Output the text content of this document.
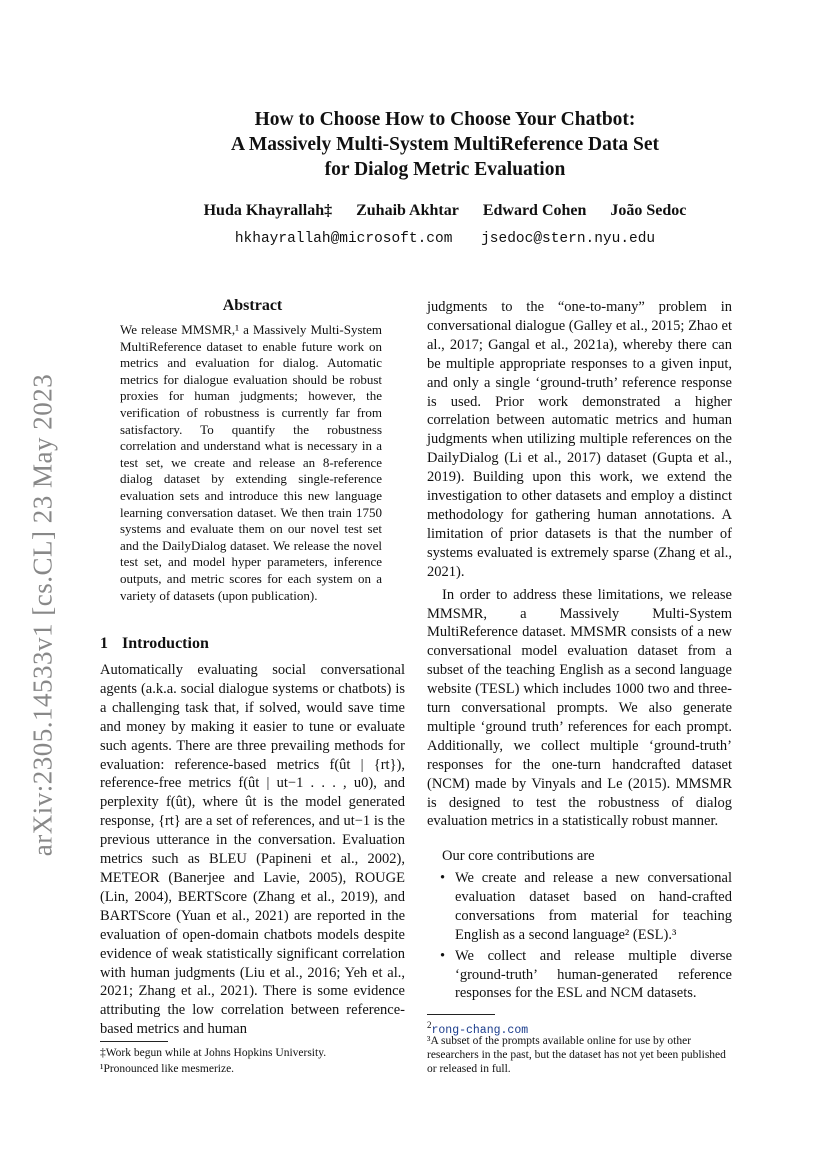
arXiv:2305.14533v1 [cs.CL] 23 May 2023
How to Choose How to Choose Your Chatbot:
A Massively Multi-System MultiReference Data Set
for Dialog Metric Evaluation
Huda Khayrallah‡ Zuhaib Akhtar Edward Cohen João Sedoc
hkhayrallah@microsoft.com jsedoc@stern.nyu.edu
Abstract
We release MMSMR,¹ a Massively Multi-System MultiReference dataset to enable future work on metrics and evaluation for dialog. Automatic metrics for dialogue evaluation should be robust proxies for human judgments; however, the verification of robustness is currently far from satisfactory. To quantify the robustness correlation and understand what is necessary in a test set, we create and release an 8-reference dialog dataset by extending single-reference evaluation sets and introduce this new language learning conversation dataset. We then train 1750 systems and evaluate them on our novel test set and the DailyDialog dataset. We release the novel test set, and model hyper parameters, inference outputs, and metric scores for each system on a variety of datasets (upon publication).
1 Introduction
Automatically evaluating social conversational agents (a.k.a. social dialogue systems or chatbots) is a challenging task that, if solved, would save time and money by making it easier to tune or evaluate such agents. There are three prevailing methods for evaluation: reference-based metrics f(ût | {rt}), reference-free metrics f(ût | ut−1 . . . , u0), and perplexity f(ût), where ût is the model generated response, {rt} are a set of references, and ut−1 is the previous utterance in the conversation. Evaluation metrics such as BLEU (Papineni et al., 2002), METEOR (Banerjee and Lavie, 2005), ROUGE (Lin, 2004), BERTScore (Zhang et al., 2019), and BARTScore (Yuan et al., 2021) are reported in the evaluation of open-domain chatbots models despite evidence of weak statistically significant correlation with human judgments (Liu et al., 2016; Yeh et al., 2021; Zhang et al., 2021). There is some evidence attributing the low correlation between reference-based metrics and human
‡Work begun while at Johns Hopkins University.
¹Pronounced like mesmerize.

judgments to the “one-to-many” problem in conversational dialogue (Galley et al., 2015; Zhao et al., 2017; Gangal et al., 2021a), whereby there can be multiple appropriate responses to a given input, and only a single ‘ground-truth’ reference response is used. Prior work demonstrated a higher correlation between automatic metrics and human judgments when utilizing multiple references on the DailyDialog (Li et al., 2017) dataset (Gupta et al., 2019). Building upon this work, we extend the investigation to other datasets and employ a distinct methodology for gathering human annotations. A limitation of prior datasets is that the number of systems evaluated is extremely sparse (Zhang et al., 2021).

In order to address these limitations, we release MMSMR, a Massively Multi-System MultiReference dataset. MMSMR consists of a new conversational model evaluation dataset from a subset of the teaching English as a second language website (TESL) which includes 1000 two and three-turn conversational prompts. We also generate multiple ‘ground truth’ references for each prompt. Additionally, we collect multiple ‘ground-truth’ responses for the one-turn handcrafted dataset (NCM) made by Vinyals and Le (2015). MMSMR is designed to test the robustness of dialog evaluation metrics in a statistically robust manner.

Our core contributions are
• We create and release a new conversational evaluation dataset based on hand-crafted conversations from material for teaching English as a second language² (ESL).³
• We collect and release multiple diverse ‘ground-truth’ human-generated reference responses for the ESL and NCM datasets.
$^2$rong-chang.com
³A subset of the prompts available online for use by other researchers in the past, but the dataset has not yet been published or released in full.
